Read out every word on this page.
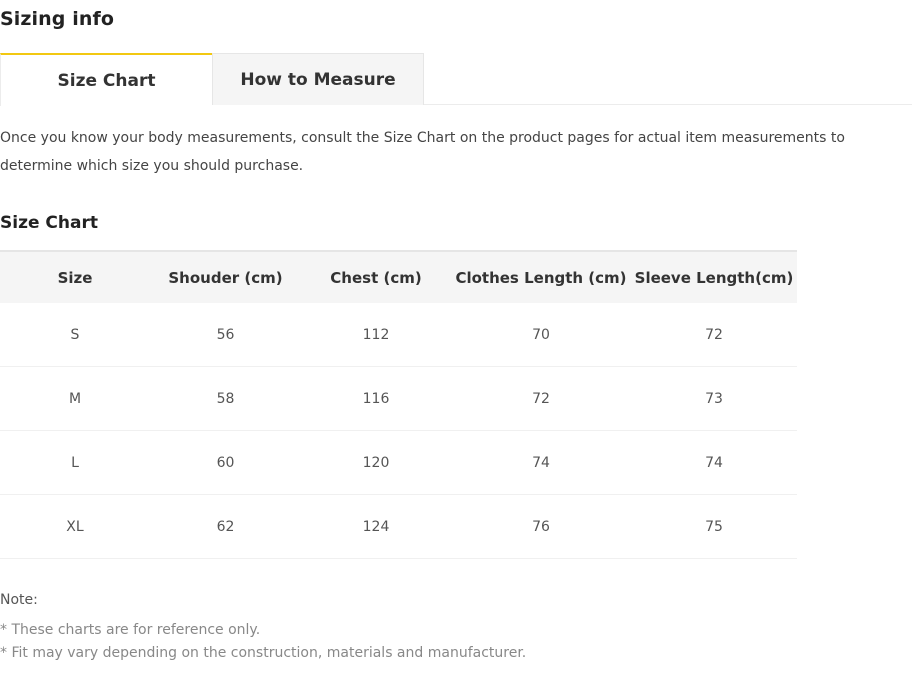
Sizing info
Size Chart	How to Measure
Once you know your body measurements, consult the Size Chart on the product pages for actual item measurements to determine which size you should purchase.
Size Chart
Size	Shouder (cm)	Chest (cm)	Clothes Length (cm)	Sleeve Length(cm)
S	56	112	70	72
M	58	116	72	73
L	60	120	74	74
XL	62	124	76	75
Note:
* These charts are for reference only.
* Fit may vary depending on the construction, materials and manufacturer.
